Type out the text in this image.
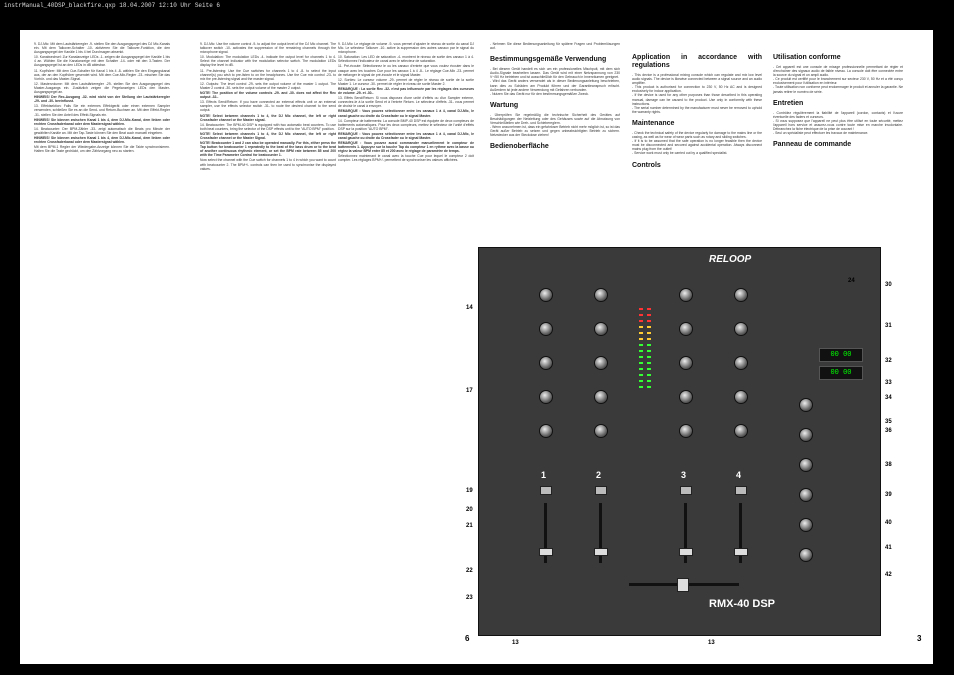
instrManual_40DSP_blackfire.qxp 18.04.2007 12:10 Uhr Seite 6

9. DJ-Mic: Mit dem Lautstärkeregler -9- stellen Sie den Ausgangspegel des DJ Mic-Kanals ein. Mit dem Talkover-Schalter -10- aktivieren Sie die Talkover-Funktion, die den Ausgangspegel der Kanäle 1 bis 4 bei Durchsagen absenkt.

10. Kanalwechsel: Zur Kanalanzeige LEDs -1- zeigen die Ausgangspegel der Kanäle 1 bis 4 an. Wählen Sie die Kanalanzeige mit dem Schalter -14- oder mit den 3-Tasten. Der Ausgangspegel ist an den LEDs in dB ablesbar.

11. Kopfhörer: Mit dem Cue-Schalter für Kanal 1 bis 4 -8- wählen Sie den Eingangskanal aus, der an den Kopfhörer gesendet wird. Mit dem Cue-Mix-Regler -23- mischen Sie das Vorhör- und das Master-Signal.

12. Mastervolume: Mit dem Lautstärkeregler -29- stellen Sie den Ausgangspegel des Master-Ausgangs ein. Zusätzlich zeigen die Pegelanzeigen LEDs den Master-Ausgangspegel an.

HINWEIS! Der Rec-Ausgang -32- wird nicht von der Stellung der Lautstärkeregler -29- und -30- beeinflusst.

13. Effektsektion: Falls Sie ein externes Effektgerät oder einen externen Sampler verwenden, schließen Sie es an die Send- und Return-Buchsen an. Mit dem Effekt-Regler -31- stellen Sie den Anteil des Effekt-Signals ein.

HINWEIS! Sie können zwischen Kanal 1 bis 4, dem DJ-Mic-Kanal, dem linken oder rechten Crossfaderkanal oder dem Mastersignal wählen.

14. Beatcounter: Der BPM-Zähler -33- zeigt automatisch die Beats pro Minute der gewählten Kanäle an. Mit der Tap-Taste können Sie den Beat auch manuell eingeben.

HINWEIS! Sie können zwischen Kanal 1 bis 4, dem DJ-Mic-Kanal, dem linken oder rechten Crossfaderkanal oder dem Mastersignal wählen.

Mit dem BPM-1 Regler der Wiedergabe-Anzeige können Sie die Takte synchronisieren. Halten Sie die Taste gedrückt, um den Zählvorgang neu zu starten.

9. DJ-Mic: Use the volume control -9- to adjust the output level of the DJ Mic channel. The talkover switch -10- activates the suppression of the remaining channels through the microphone signal.

10. Modulation: The modulation LEDs -4- indicate the output level for channels 1 to 4. Select the channel indicator with the modulation selector switch. The modulation LEDs display the level in dB.

11. Pre-listening: Use the Cue switches for channels 1 to 4 -8- to select the input channel(s) you wish to pre-listen to on the headphones. Use the Cue mix control -23- to mix the pre-listening signal and the master signal.

12. Outputs: The level control -29- sets the output volume of the master 1 output. The Master 2 control -30- sets the output volume of the master 2 output.

NOTE! The position of the volume controls -29- and -30- does not affect the Rec output -32-.

13. Effects Send/Return: If you have connected an external effects unit or an external sampler, use the effects selector switch -31- to route the desired channel to the send output.

NOTE! Select between channels 1 to 4, the DJ Mic channel, the left or right Crossfader channel or the Master signal.

14. Beatcounter: The BPM-40 DSP is equipped with two automatic beat counters. To use both beat counters, bring the selector of the DSP effects unit to the "AUTO BPM" position.

NOTE! Select between channels 1 to 4, the DJ Mic channel, the left or right Crossfader channel or the Master Signal.

NOTE! Beatcounter 1 and 2 can also be operated manually. For this, either press the Tap button for beatcounter 1 repeatedly to the beat of the bass drum or to the beat of another continuous rhythmic element, or set the BPM rate between 85 and 200 with the Time Parameter Control for beatcounter 1.

Now select the channel with the Cue switch for channels 1 to 4 in which you want to count with beatcounter 2. The BPM+/- controls can then be used to synchronise the displayed values.

9. DJ-Mic: Le réglage de volume -9- vous permet d'ajuster le niveau de sortie du canal DJ Mic. Le sélecteur Talkover -10- active la suppression des autres canaux par le signal du microphone.

10. Saturation: Les LED de saturation -4- montrent le niveau de sortie des canaux 1 à 4. Sélectionnez l'indicateur de canal avec le sélecteur de saturation.

11. Pré-écoute: Sélectionnez le ou les canaux d'entrée que vous voulez écouter dans le casque avec les touches Cue pour les canaux 1 à 4 -8-. Le réglage Cue-Mix -23- permet de mélanger le signal de pré-écoute et le signal Master.

12. Sorties: Le curseur volume -29- permet de régler le niveau de sortie de la sortie Master 1. Le curseur -30- permet de régler le niveau de sortie Master 2.

REMARQUE : La sortie Rec -32- n'est pas influencée par les réglages des curseurs de volume -29- et -30-.

13. Effets Send/Return: Si vous disposez d'une unité d'effets ou d'un Sampler externe, connectez-le à la sortie Send et à l'entrée Return. Le sélecteur d'effets -31- vous permet de choisir le canal à envoyer.

REMARQUE : Vous pouvez sélectionner entre les canaux 1 à 4, canal DJ-Mic, le canal gauche ou droite du Crossfader ou le signal Master.

14. Compteur de battements: La console BMP-40 DSP est équipée de deux compteurs de battements automatiques. Pour les deux compteurs, mettez le sélecteur de l'unité d'effets DSP sur la position "AUTO BPM".

REMARQUE : Vous pouvez sélectionner entre les canaux 1 à 4, canal DJ-Mic, le canal gauche ou droite du Crossfader ou le signal Master.

REMARQUE : Vous pouvez aussi commander manuellement le compteur de battements 1. Appuyez sur la touche Tap du compteur 1 en rythme avec la basse ou réglez la valeur BPM entre 85 et 200 avec le réglage de paramètre de temps.

Sélectionnez maintenant le canal avec la touche Cue pour lequel le compteur 2 doit compter. Les réglages BPM+/- permettent de synchroniser les valeurs affichées.

- Nehmen Sie diese Bedienungsanleitung für spätere Fragen und Problemlösungen auf.

Bestimmungsgemäße Verwendung

- Bei diesem Gerät handelt es sich um ein professionelles Mischpult, mit dem sich Audio-Signale bearbeiten lassen. Das Gerät wird mit einer Netzspannung von 230 V~/50 Hz betrieben und ist ausschließlich für den Gebrauch in Innenräumen geeignet.
- Wird das Gerät anders verwendet als in dieser Bedienungsanleitung beschrieben, kann dies zu Schäden am Produkt führen und der Garantieanspruch erlischt. Außerdem ist jede andere Verwendung mit Gefahren verbunden.
- Nutzen Sie das Gerät nur für den bestimmungsgemäßen Zweck.

Wartung

- Überprüfen Sie regelmäßig die technische Sicherheit des Gerätes auf Beschädigungen der Netzleitung oder des Gehäuses sowie auf die Abnutzung von Verschleißteilen wie Dreh- und Schiebereglern.
- Wenn anzunehmen ist, dass ein gefahrloser Betrieb nicht mehr möglich ist, so ist das Gerät außer Betrieb zu setzen und gegen unbeabsichtigten Betrieb zu sichern. Netzstecker aus der Steckdose ziehen!

Bedienoberfläche
Application in accordance with regulations

- This device is a professional mixing console which can regulate and mix low level audio signals. The device is likewise connected between a signal source and an audio amplifier.
- This product is authorised for connection to 230 V, 50 Hz AC and is designed exclusively for indoor application.
- If the device is used for any other purposes than those described in this operating manual, damage can be caused to the product. Use only in conformity with these instructions.
- The serial number determined by the manufacturer must never be removed to uphold the warranty rights.

Maintenance

- Check the technical safety of the device regularly for damage to the mains line or the casing, as well as for wear of wear parts such as rotary and sliding switches.
- If it is to be assumed that the safe operation is no longer feasible then the device must be disconnected and secured against accidental operation. Always disconnect mains plug from the outlet!
- Service work must only be carried out by a qualified specialist.

Controls
Utilisation conforme

- Cet appareil est une console de mixage professionnelle permettant de régler et d'enchaîner des signaux audio de faible niveau. La console doit être connectée entre la source du signal et un ampli audio.
- Ce produit est certifié pour le branchement sur secteur 230 V, 50 Hz et a été conçu exclusivement pour l'utilisation en intérieur.
- Toute utilisation non conforme peut endommager le produit et annuler la garantie. Ne jamais retirer le numéro de série.

Entretien

- Contrôlez régulièrement la fiabilité de l'appareil (cordon, contacts) et l'usure éventuelle des faders et curseurs.
- Si vous supposez que l'appareil ne peut plus être utilisé en toute sécurité, mettez l'appareil hors service et assurez-vous contre toute mise en marche involontaire. Débranchez la fiche électrique de la prise de courant !
- Seul un spécialiste peut effectuer les travaux de maintenance.

Panneau de commande
6	3
RELOOP
RMX-40 DSP
00 00
00 00
1	2	3	4
14
17
19
20
21
22
23
24
30
31
32
33
34
35
36
38
39
40
41
42
13	13
